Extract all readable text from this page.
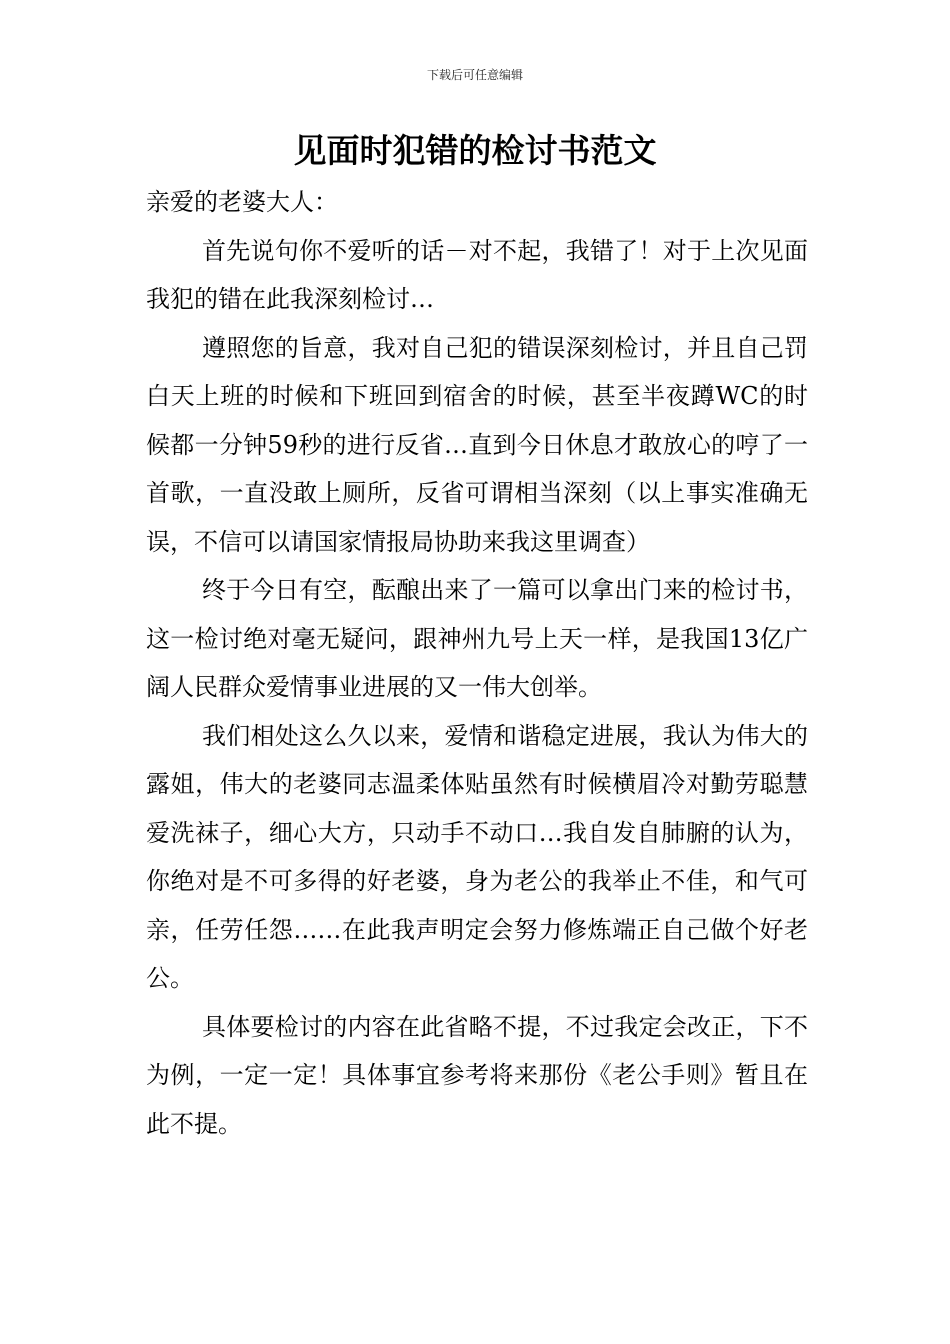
下载后可任意编辑
见面时犯错的检讨书范文

亲爱的老婆大人：

首先说句你不爱听的话－对不起，我错了！对于上次见面我犯的错在此我深刻检讨…

遵照您的旨意，我对自己犯的错误深刻检讨，并且自己罚白天上班的时候和下班回到宿舍的时候，甚至半夜蹲WC的时候都一分钟59秒的进行反省…直到今日休息才敢放心的哼了一首歌，一直没敢上厕所，反省可谓相当深刻（以上事实准确无误，不信可以请国家情报局协助来我这里调查）

终于今日有空，酝酿出来了一篇可以拿出门来的检讨书，这一检讨绝对毫无疑问，跟神州九号上天一样，是我国13亿广阔人民群众爱情事业进展的又一伟大创举。

我们相处这么久以来，爱情和谐稳定进展，我认为伟大的露姐，伟大的老婆同志温柔体贴虽然有时候横眉冷对勤劳聪慧爱洗袜子，细心大方，只动手不动口…我自发自肺腑的认为，你绝对是不可多得的好老婆，身为老公的我举止不佳，和气可亲，任劳任怨……在此我声明定会努力修炼端正自己做个好老公。

具体要检讨的内容在此省略不提，不过我定会改正，下不为例，一定一定！具体事宜参考将来那份《老公手则》暂且在此不提。
